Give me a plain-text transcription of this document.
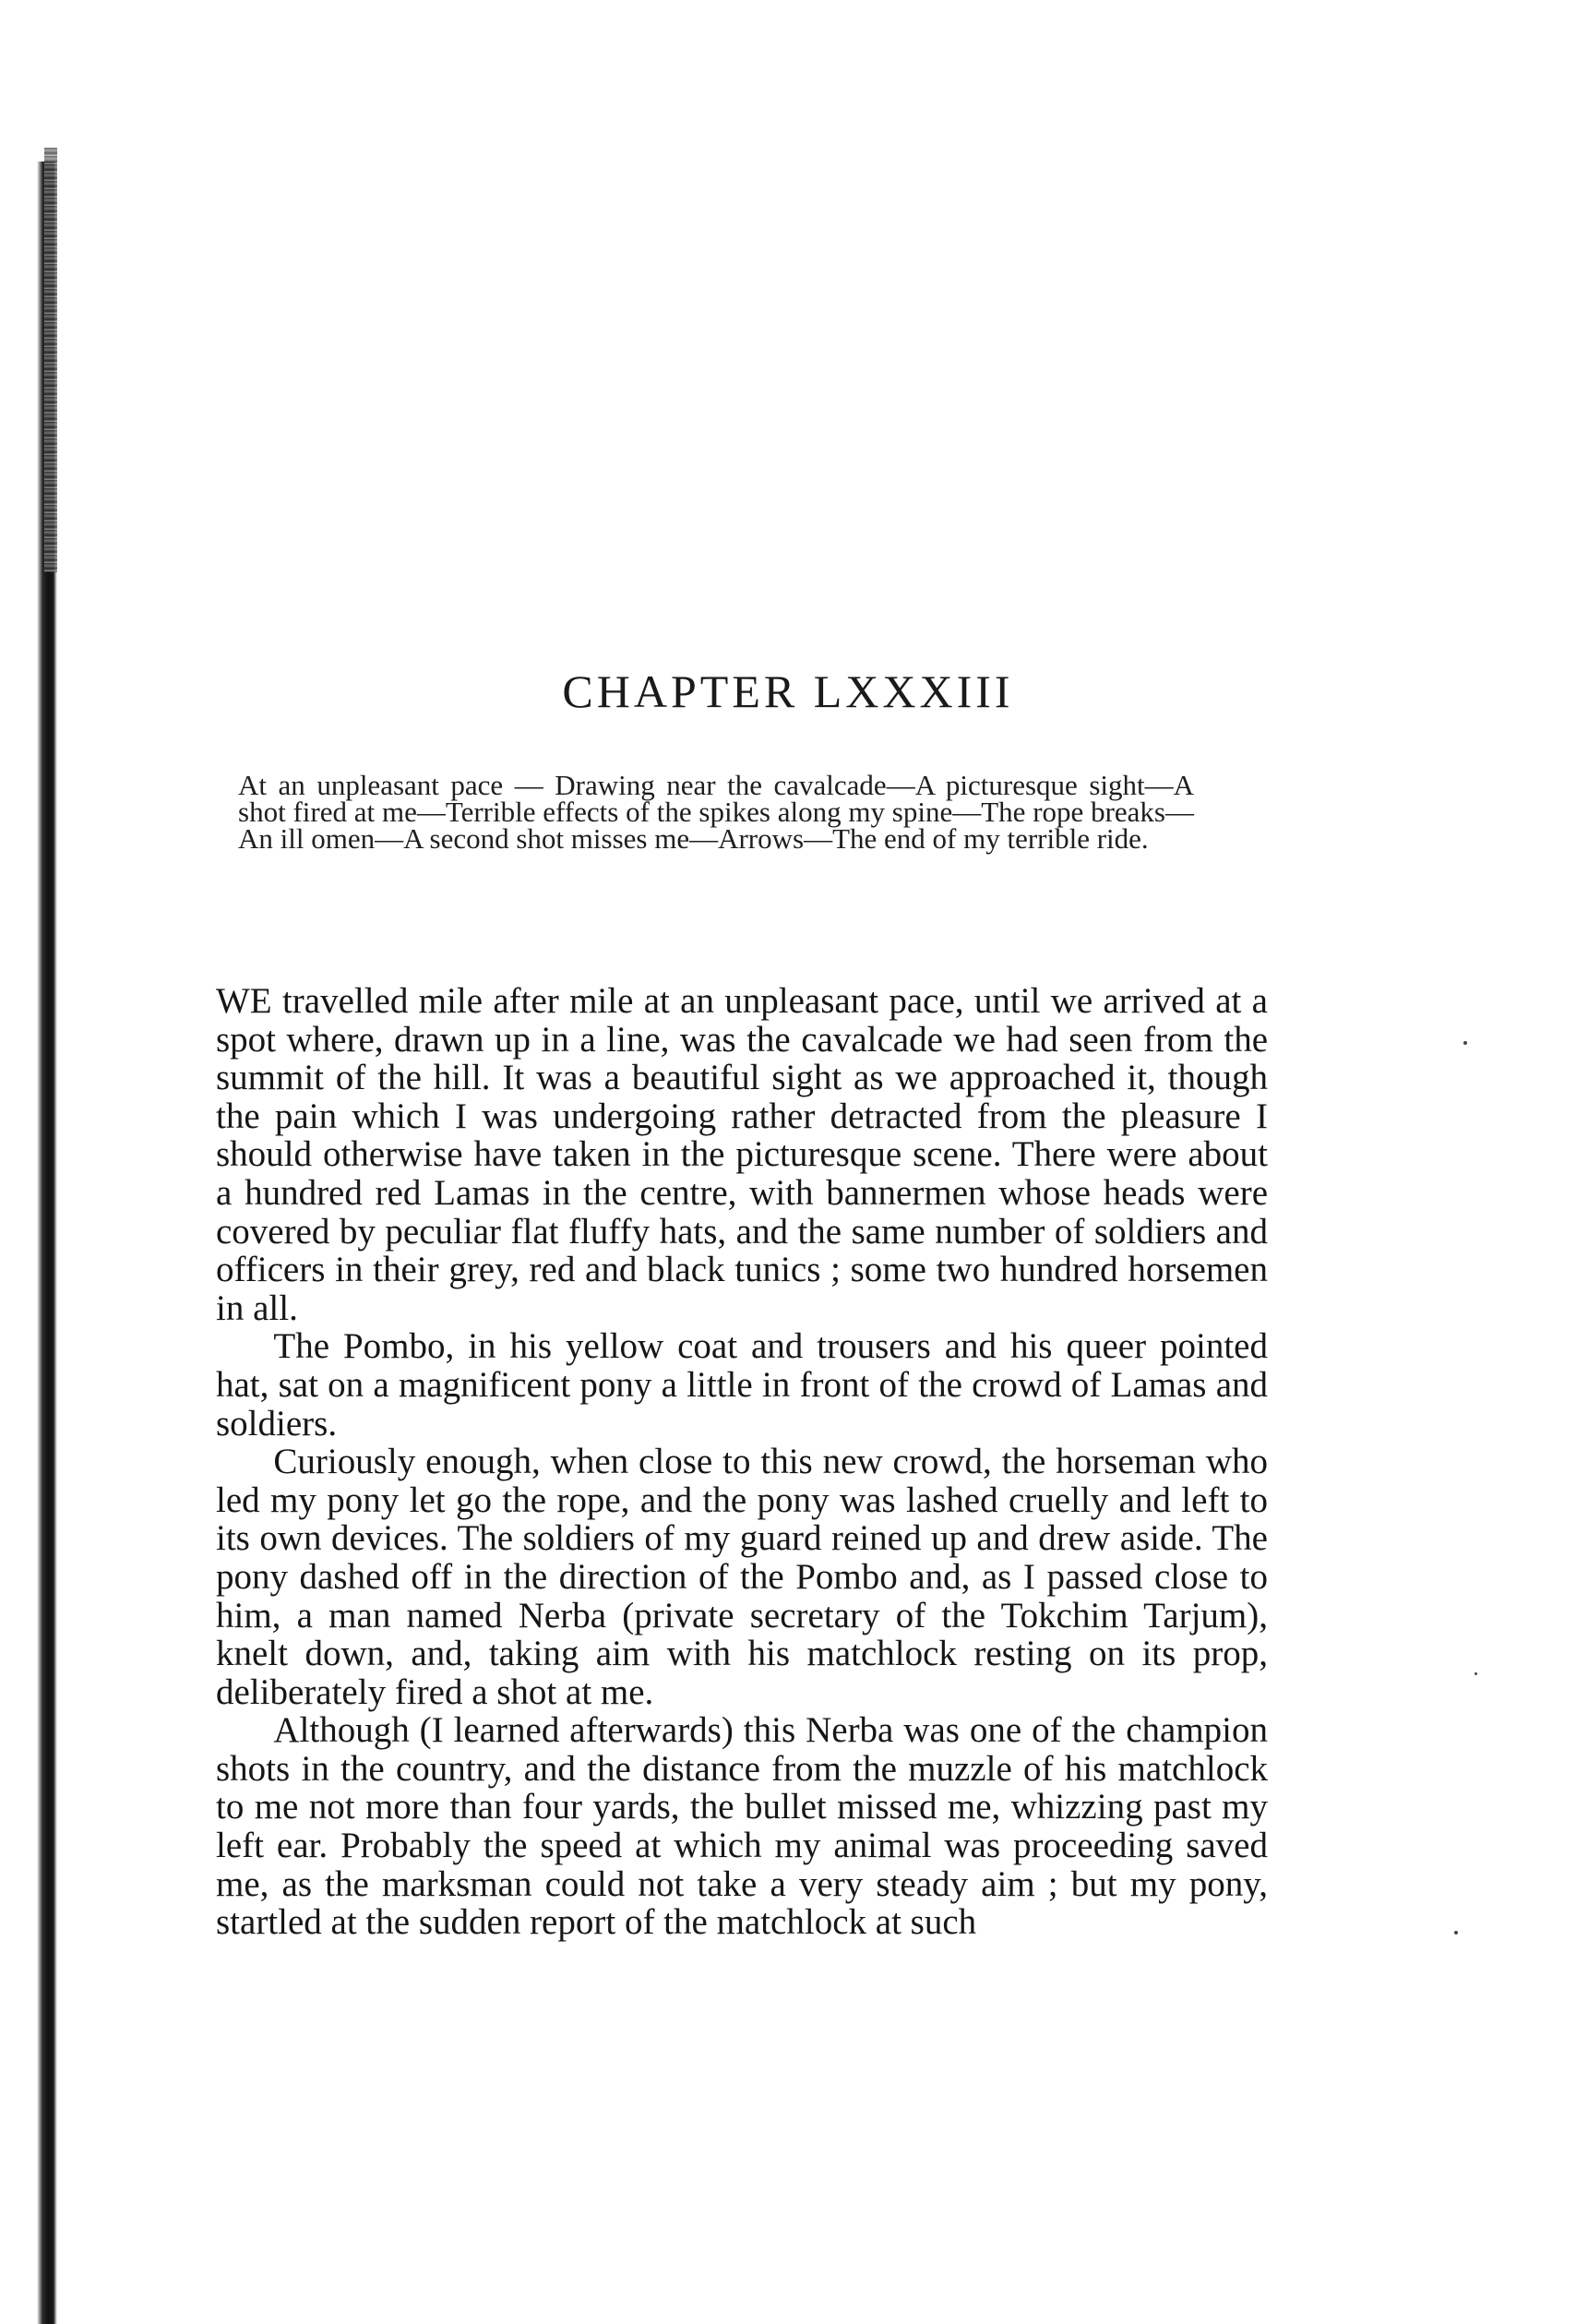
CHAPTER LXXXIII

At an unpleasant pace — Drawing near the cavalcade—A picturesque sight—A shot fired at me—Terrible effects of the spikes along my spine—The rope breaks—An ill omen—A second shot misses me—Arrows—The end of my terrible ride.

WE travelled mile after mile at an unpleasant pace, until we arrived at a spot where, drawn up in a line, was the cavalcade we had seen from the summit of the hill. It was a beautiful sight as we approached it, though the pain which I was undergoing rather detracted from the pleasure I should otherwise have taken in the picturesque scene. There were about a hundred red Lamas in the centre, with bannermen whose heads were covered by peculiar flat fluffy hats, and the same number of soldiers and officers in their grey, red and black tunics ; some two hundred horsemen in all.

The Pombo, in his yellow coat and trousers and his queer pointed hat, sat on a magnificent pony a little in front of the crowd of Lamas and soldiers.

Curiously enough, when close to this new crowd, the horseman who led my pony let go the rope, and the pony was lashed cruelly and left to its own devices. The soldiers of my guard reined up and drew aside. The pony dashed off in the direction of the Pombo and, as I passed close to him, a man named Nerba (private secretary of the Tokchim Tarjum), knelt down, and, taking aim with his matchlock resting on its prop, deliberately fired a shot at me.

Although (I learned afterwards) this Nerba was one of the champion shots in the country, and the distance from the muzzle of his matchlock to me not more than four yards, the bullet missed me, whizzing past my left ear. Probably the speed at which my animal was proceeding saved me, as the marksman could not take a very steady aim ; but my pony, startled at the sudden report of the matchlock at such
